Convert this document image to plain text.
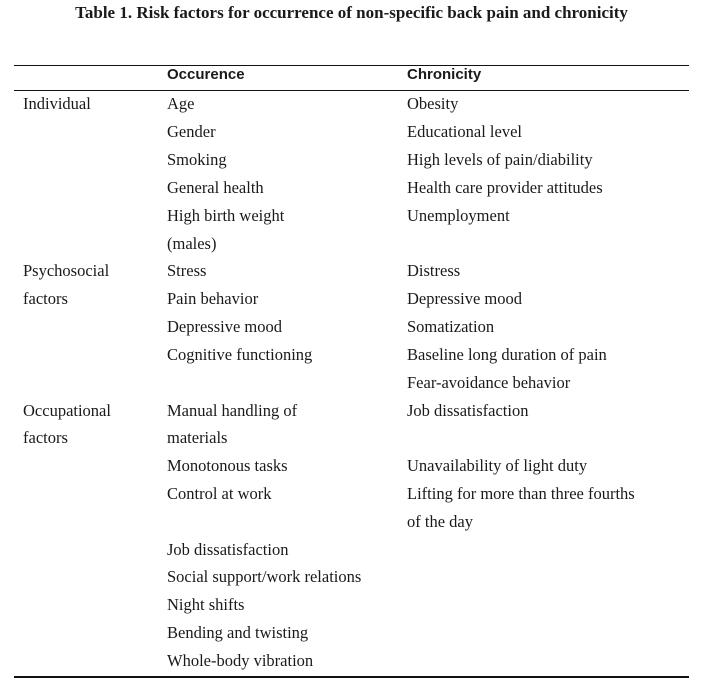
Table 1. Risk factors for occurrence of non-specific back pain and chronicity
Occurence	Chronicity
Individual	Age
Gender
Smoking
General health
High birth weight
(males)
Obesity
Educational level
High levels of pain/diability
Health care provider attitudes
Unemployment
Psychosocial
factors
Stress
Pain behavior
Depressive mood
Cognitive functioning
Distress
Depressive mood
Somatization
Baseline long duration of pain
Fear-avoidance behavior
Occupational
factors
Manual handling of
materials
Monotonous tasks
Control at work
Job dissatisfaction
Social support/work relations
Night shifts
Bending and twisting
Whole-body vibration
Job dissatisfaction
Unavailability of light duty
Lifting for more than three fourths
of the day
